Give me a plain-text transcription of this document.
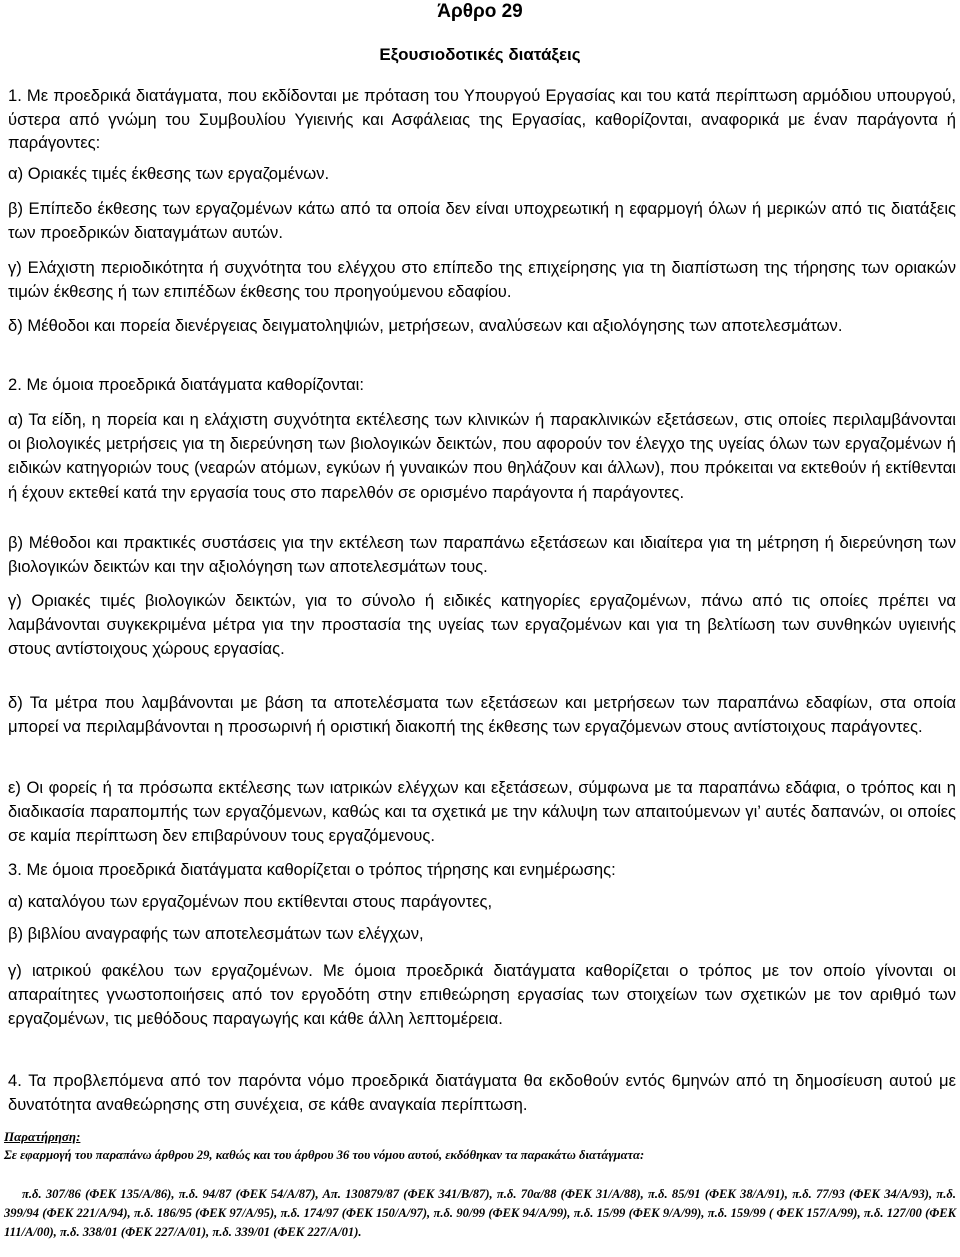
Άρθρο 29
Εξουσιοδοτικές διατάξεις

1. Με προεδρικά διατάγματα, που εκδίδονται με πρόταση του Υπουργού Εργασίας και του κατά περίπτωση αρμόδιου υπουργού, ύστερα από γνώμη του Συμβουλίου Υγιεινής και Ασφάλειας της Εργασίας, καθορίζονται, αναφορικά με έναν παράγοντα ή παράγοντες:

α) Οριακές τιμές έκθεσης των εργαζομένων.

β) Επίπεδο έκθεσης των εργαζομένων κάτω από τα οποία δεν είναι υποχρεωτική η εφαρμογή όλων ή μερικών από τις διατάξεις των προεδρικών διαταγμάτων αυτών.

γ) Ελάχιστη περιοδικότητα ή συχνότητα του ελέγχου στο επίπεδο της επιχείρησης για τη διαπίστωση της τήρησης των οριακών τιμών έκθεσης ή των επιπέδων έκθεσης του προηγούμενου εδαφίου.

δ) Μέθοδοι και πορεία διενέργειας δειγματοληψιών, μετρήσεων, αναλύσεων και αξιολόγησης των αποτελεσμάτων.

2. Με όμοια προεδρικά διατάγματα καθορίζονται:

α) Τα είδη, η πορεία και η ελάχιστη συχνότητα εκτέλεσης των κλινικών ή παρακλινικών εξετάσεων, στις οποίες περιλαμβάνονται οι βιολογικές μετρήσεις για τη διερεύνηση των βιολογικών δεικτών, που αφορούν τον έλεγχο της υγείας όλων των εργαζομένων ή ειδικών κατηγοριών τους (νεαρών ατόμων, εγκύων ή γυναικών που θηλάζουν και άλλων), που πρόκειται να εκτεθούν ή εκτίθενται ή έχουν εκτεθεί κατά την εργασία τους στο παρελθόν σε ορισμένο παράγοντα ή παράγοντες.

β) Μέθοδοι και πρακτικές συστάσεις για την εκτέλεση των παραπάνω εξετάσεων και ιδιαίτερα για τη μέτρηση ή διερεύνηση των βιολογικών δεικτών και την αξιολόγηση των αποτελεσμάτων τους.

γ) Οριακές τιμές βιολογικών δεικτών, για το σύνολο ή ειδικές κατηγορίες εργαζομένων, πάνω από τις οποίες πρέπει να λαμβάνονται συγκεκριμένα μέτρα για την προστασία της υγείας των εργαζομένων και για τη βελτίωση των συνθηκών υγιεινής στους αντίστοιχους χώρους εργασίας.

δ) Τα μέτρα που λαμβάνονται με βάση τα αποτελέσματα των εξετάσεων και μετρήσεων των παραπάνω εδαφίων, στα οποία μπορεί να περιλαμβάνονται η προσωρινή ή οριστική διακοπή της έκθεσης των εργαζόμενων στους αντίστοιχους παράγοντες.

ε) Οι φορείς ή τα πρόσωπα εκτέλεσης των ιατρικών ελέγχων και εξετάσεων, σύμφωνα με τα παραπάνω εδάφια, ο τρόπος και η διαδικασία παραπομπής των εργαζόμενων, καθώς και τα σχετικά με την κάλυψη των απαιτούμενων γι’ αυτές δαπανών, οι οποίες σε καμία περίπτωση δεν επιβαρύνουν τους εργαζόμενους.

3. Με όμοια προεδρικά διατάγματα καθορίζεται ο τρόπος τήρησης και ενημέρωσης:

α) καταλόγου των εργαζομένων που εκτίθενται στους παράγοντες,

β) βιβλίου αναγραφής των αποτελεσμάτων των ελέγχων,

γ) ιατρικού φακέλου των εργαζομένων. Με όμοια προεδρικά διατάγματα καθορίζεται ο τρόπος με τον οποίο γίνονται οι απαραίτητες γνωστοποιήσεις από τον εργοδότη στην επιθεώρηση εργασίας των στοιχείων των σχετικών με τον αριθμό των εργαζομένων, τις μεθόδους παραγωγής και κάθε άλλη λεπτομέρεια.

4. Τα προβλεπόμενα από τον παρόντα νόμο προεδρικά διατάγματα θα εκδοθούν εντός 6μηνών από τη δημοσίευση αυτού με δυνατότητα αναθεώρησης στη συνέχεια, σε κάθε αναγκαία περίπτωση.

Παρατήρηση:

Σε εφαρμογή του παραπάνω άρθρου 29, καθώς και του άρθρου 36 του νόμου αυτού, εκδόθηκαν τα παρακάτω διατάγματα:

π.δ. 307/86 (ΦΕΚ 135/Α/86), π.δ. 94/87 (ΦΕΚ 54/Α/87), Απ. 130879/87 (ΦΕΚ 341/Β/87), π.δ. 70α/88 (ΦΕΚ 31/Α/88), π.δ. 85/91 (ΦΕΚ 38/Α/91), π.δ. 77/93 (ΦΕΚ 34/Α/93), π.δ. 399/94 (ΦΕΚ 221/Α/94), π.δ. 186/95 (ΦΕΚ 97/Α/95), π.δ. 174/97 (ΦΕΚ 150/Α/97), π.δ. 90/99 (ΦΕΚ 94/Α/99), π.δ. 15/99 (ΦΕΚ 9/Α/99), π.δ. 159/99 ( ΦΕΚ 157/Α/99), π.δ. 127/00 (ΦΕΚ 111/Α/00), π.δ. 338/01 (ΦΕΚ 227/Α/01), π.δ. 339/01 (ΦΕΚ 227/Α/01).
